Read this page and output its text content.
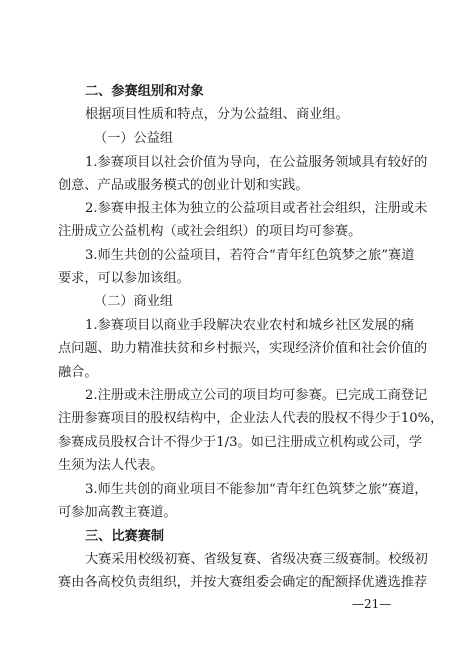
二、参赛组别和对象
根据项目性质和特点，分为公益组、商业组。
（一）公益组
1.参赛项目以社会价值为导向，在公益服务领域具有较好的
创意、产品或服务模式的创业计划和实践。
2.参赛申报主体为独立的公益项目或者社会组织，注册或未
注册成立公益机构（或社会组织）的项目均可参赛。
3.师生共创的公益项目，若符合“青年红色筑梦之旅”赛道
要求，可以参加该组。
（二）商业组
1.参赛项目以商业手段解决农业农村和城乡社区发展的痛
点问题、助力精准扶贫和乡村振兴，实现经济价值和社会价值的
融合。
2.注册或未注册成立公司的项目均可参赛。已完成工商登记
注册参赛项目的股权结构中，企业法人代表的股权不得少于10%，
参赛成员股权合计不得少于1/3。如已注册成立机构或公司，学
生须为法人代表。
3.师生共创的商业项目不能参加“青年红色筑梦之旅”赛道，
可参加高教主赛道。
三、比赛赛制
大赛采用校级初赛、省级复赛、省级决赛三级赛制。校级初
赛由各高校负责组织，并按大赛组委会确定的配额择优遴选推荐
—21—
